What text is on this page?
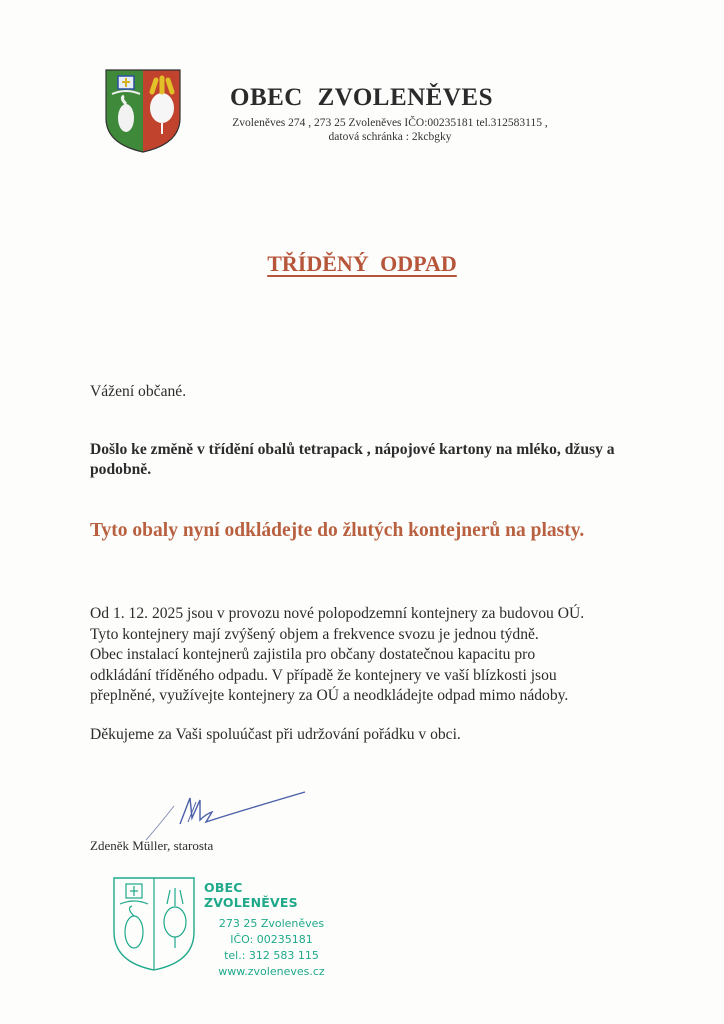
OBEC ZVOLENĚVES
Zvoleněves 274 , 273 25 Zvoleněves IČO:00235181 tel.312583115 ,
datová schránka : 2kcbgky
TŘÍDĚNÝ ODPAD
Vážení občané.
Došlo ke změně v třídění obalů tetrapack , nápojové kartony na mléko, džusy a podobně.
Tyto obaly nyní odkládejte do žlutých kontejnerů na plasty.
Od 1. 12. 2025 jsou v provozu nové polopodzemní kontejnery za budovou OÚ.
Tyto kontejnery mají zvýšený objem a frekvence svozu je jednou týdně.
Obec instalací kontejnerů zajistila pro občany dostatečnou kapacitu pro
odkládání tříděného odpadu. V případě že kontejnery ve vaší blízkosti jsou
přeplněné, využívejte kontejnery za OÚ a neodkládejte odpad mimo nádoby.
Děkujeme za Vaši spoluúčast při udržování pořádku v obci.
Zdeněk Müller, starosta
OBEC ZVOLENĚVES
273 25 Zvoleněves
IČO: 00235181
tel.: 312 583 115
www.zvoleneves.cz
